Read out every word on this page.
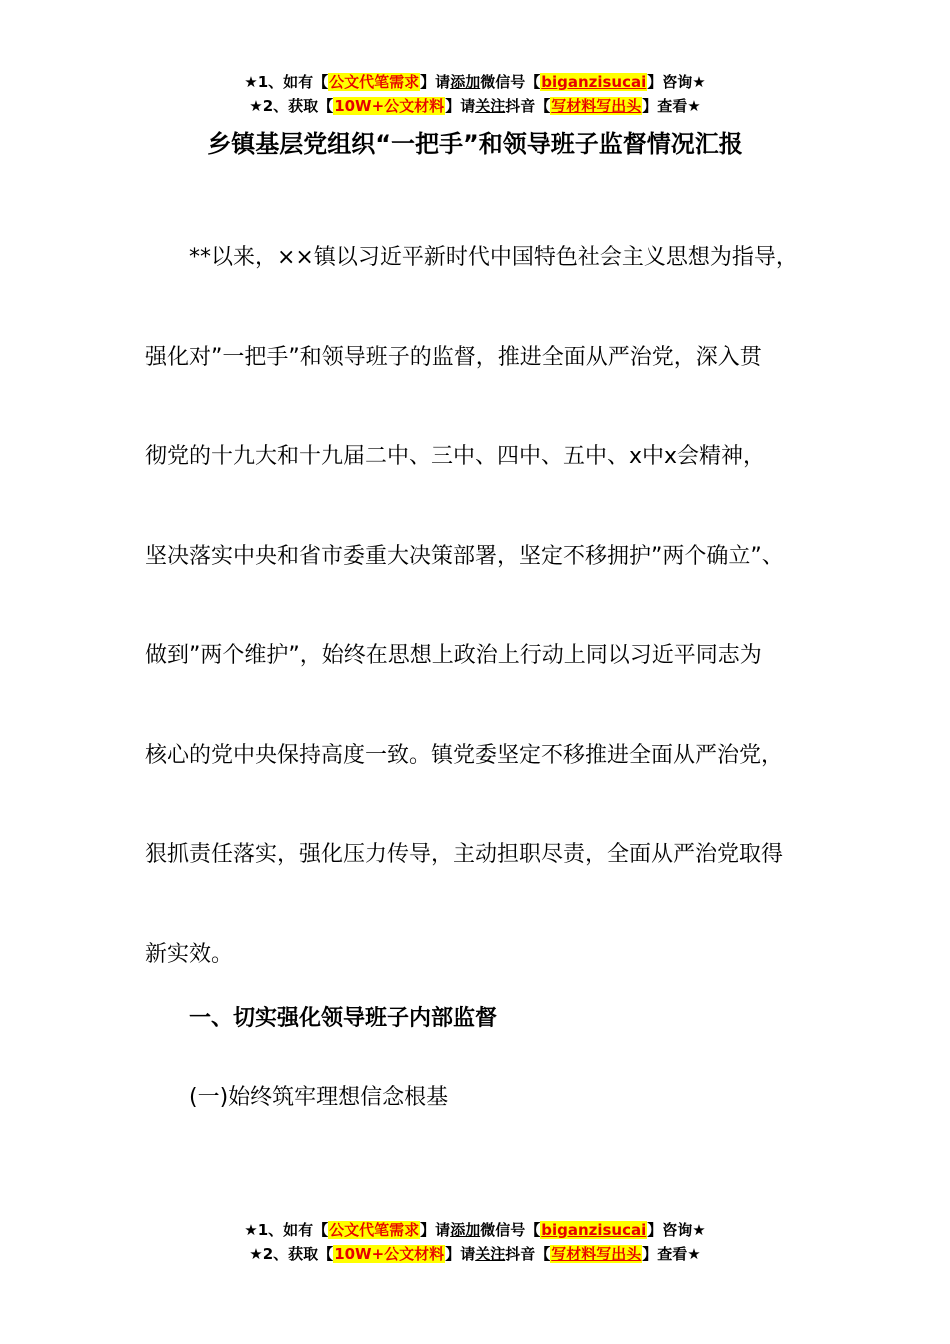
★1、如有【公文代笔需求】请添加微信号【biganzisucai】咨询★
★2、获取【10W+公文材料】请关注抖音【写材料写出头】查看★
乡镇基层党组织“一把手”和领导班子监督情况汇报
**以来，××镇以习近平新时代中国特色社会主义思想为指导，
强化对”一把手”和领导班子的监督，推进全面从严治党，深入贯
彻党的十九大和十九届二中、三中、四中、五中、x中x会精神，
坚决落实中央和省市委重大决策部署，坚定不移拥护”两个确立”、
做到”两个维护”，始终在思想上政治上行动上同以习近平同志为
核心的党中央保持高度一致。镇党委坚定不移推进全面从严治党，
狠抓责任落实，强化压力传导，主动担职尽责，全面从严治党取得
新实效。
一、切实强化领导班子内部监督
(一)始终筑牢理想信念根基
★1、如有【公文代笔需求】请添加微信号【biganzisucai】咨询★
★2、获取【10W+公文材料】请关注抖音【写材料写出头】查看★
